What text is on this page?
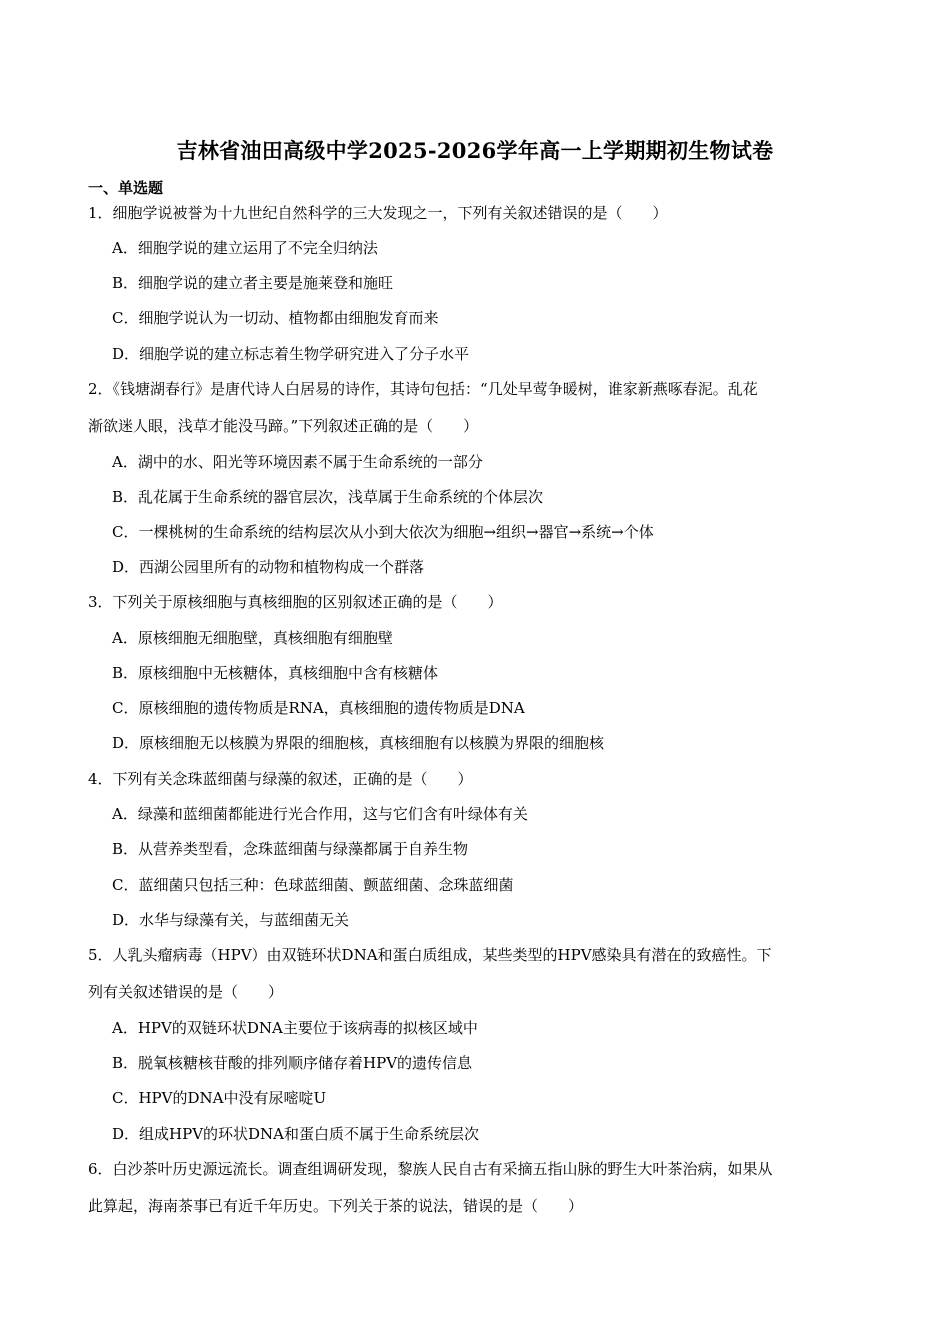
吉林省油田高级中学2025-2026学年高一上学期期初生物试卷
一、单选题
1．细胞学说被誉为十九世纪自然科学的三大发现之一，下列有关叙述错误的是（　　）
A．细胞学说的建立运用了不完全归纳法
B．细胞学说的建立者主要是施莱登和施旺
C．细胞学说认为一切动、植物都由细胞发育而来
D．细胞学说的建立标志着生物学研究进入了分子水平
2．《钱塘湖春行》是唐代诗人白居易的诗作，其诗句包括：“几处早莺争暖树，谁家新燕啄春泥。乱花
渐欲迷人眼，浅草才能没马蹄。”下列叙述正确的是（　　）
A．湖中的水、阳光等环境因素不属于生命系统的一部分
B．乱花属于生命系统的器官层次，浅草属于生命系统的个体层次
C．一棵桃树的生命系统的结构层次从小到大依次为细胞→组织→器官→系统→个体
D．西湖公园里所有的动物和植物构成一个群落
3．下列关于原核细胞与真核细胞的区别叙述正确的是（　　）
A．原核细胞无细胞壁，真核细胞有细胞壁
B．原核细胞中无核糖体，真核细胞中含有核糖体
C．原核细胞的遗传物质是RNA，真核细胞的遗传物质是DNA
D．原核细胞无以核膜为界限的细胞核，真核细胞有以核膜为界限的细胞核
4．下列有关念珠蓝细菌与绿藻的叙述，正确的是（　　）
A．绿藻和蓝细菌都能进行光合作用，这与它们含有叶绿体有关
B．从营养类型看，念珠蓝细菌与绿藻都属于自养生物
C．蓝细菌只包括三种：色球蓝细菌、颤蓝细菌、念珠蓝细菌
D．水华与绿藻有关，与蓝细菌无关
5．人乳头瘤病毒（HPV）由双链环状DNA和蛋白质组成，某些类型的HPV感染具有潜在的致癌性。下
列有关叙述错误的是（　　）
A．HPV的双链环状DNA主要位于该病毒的拟核区域中
B．脱氧核糖核苷酸的排列顺序储存着HPV的遗传信息
C．HPV的DNA中没有尿嘧啶U
D．组成HPV的环状DNA和蛋白质不属于生命系统层次
6．白沙茶叶历史源远流长。调查组调研发现，黎族人民自古有采摘五指山脉的野生大叶茶治病，如果从
此算起，海南茶事已有近千年历史。下列关于茶的说法，错误的是（　　）
